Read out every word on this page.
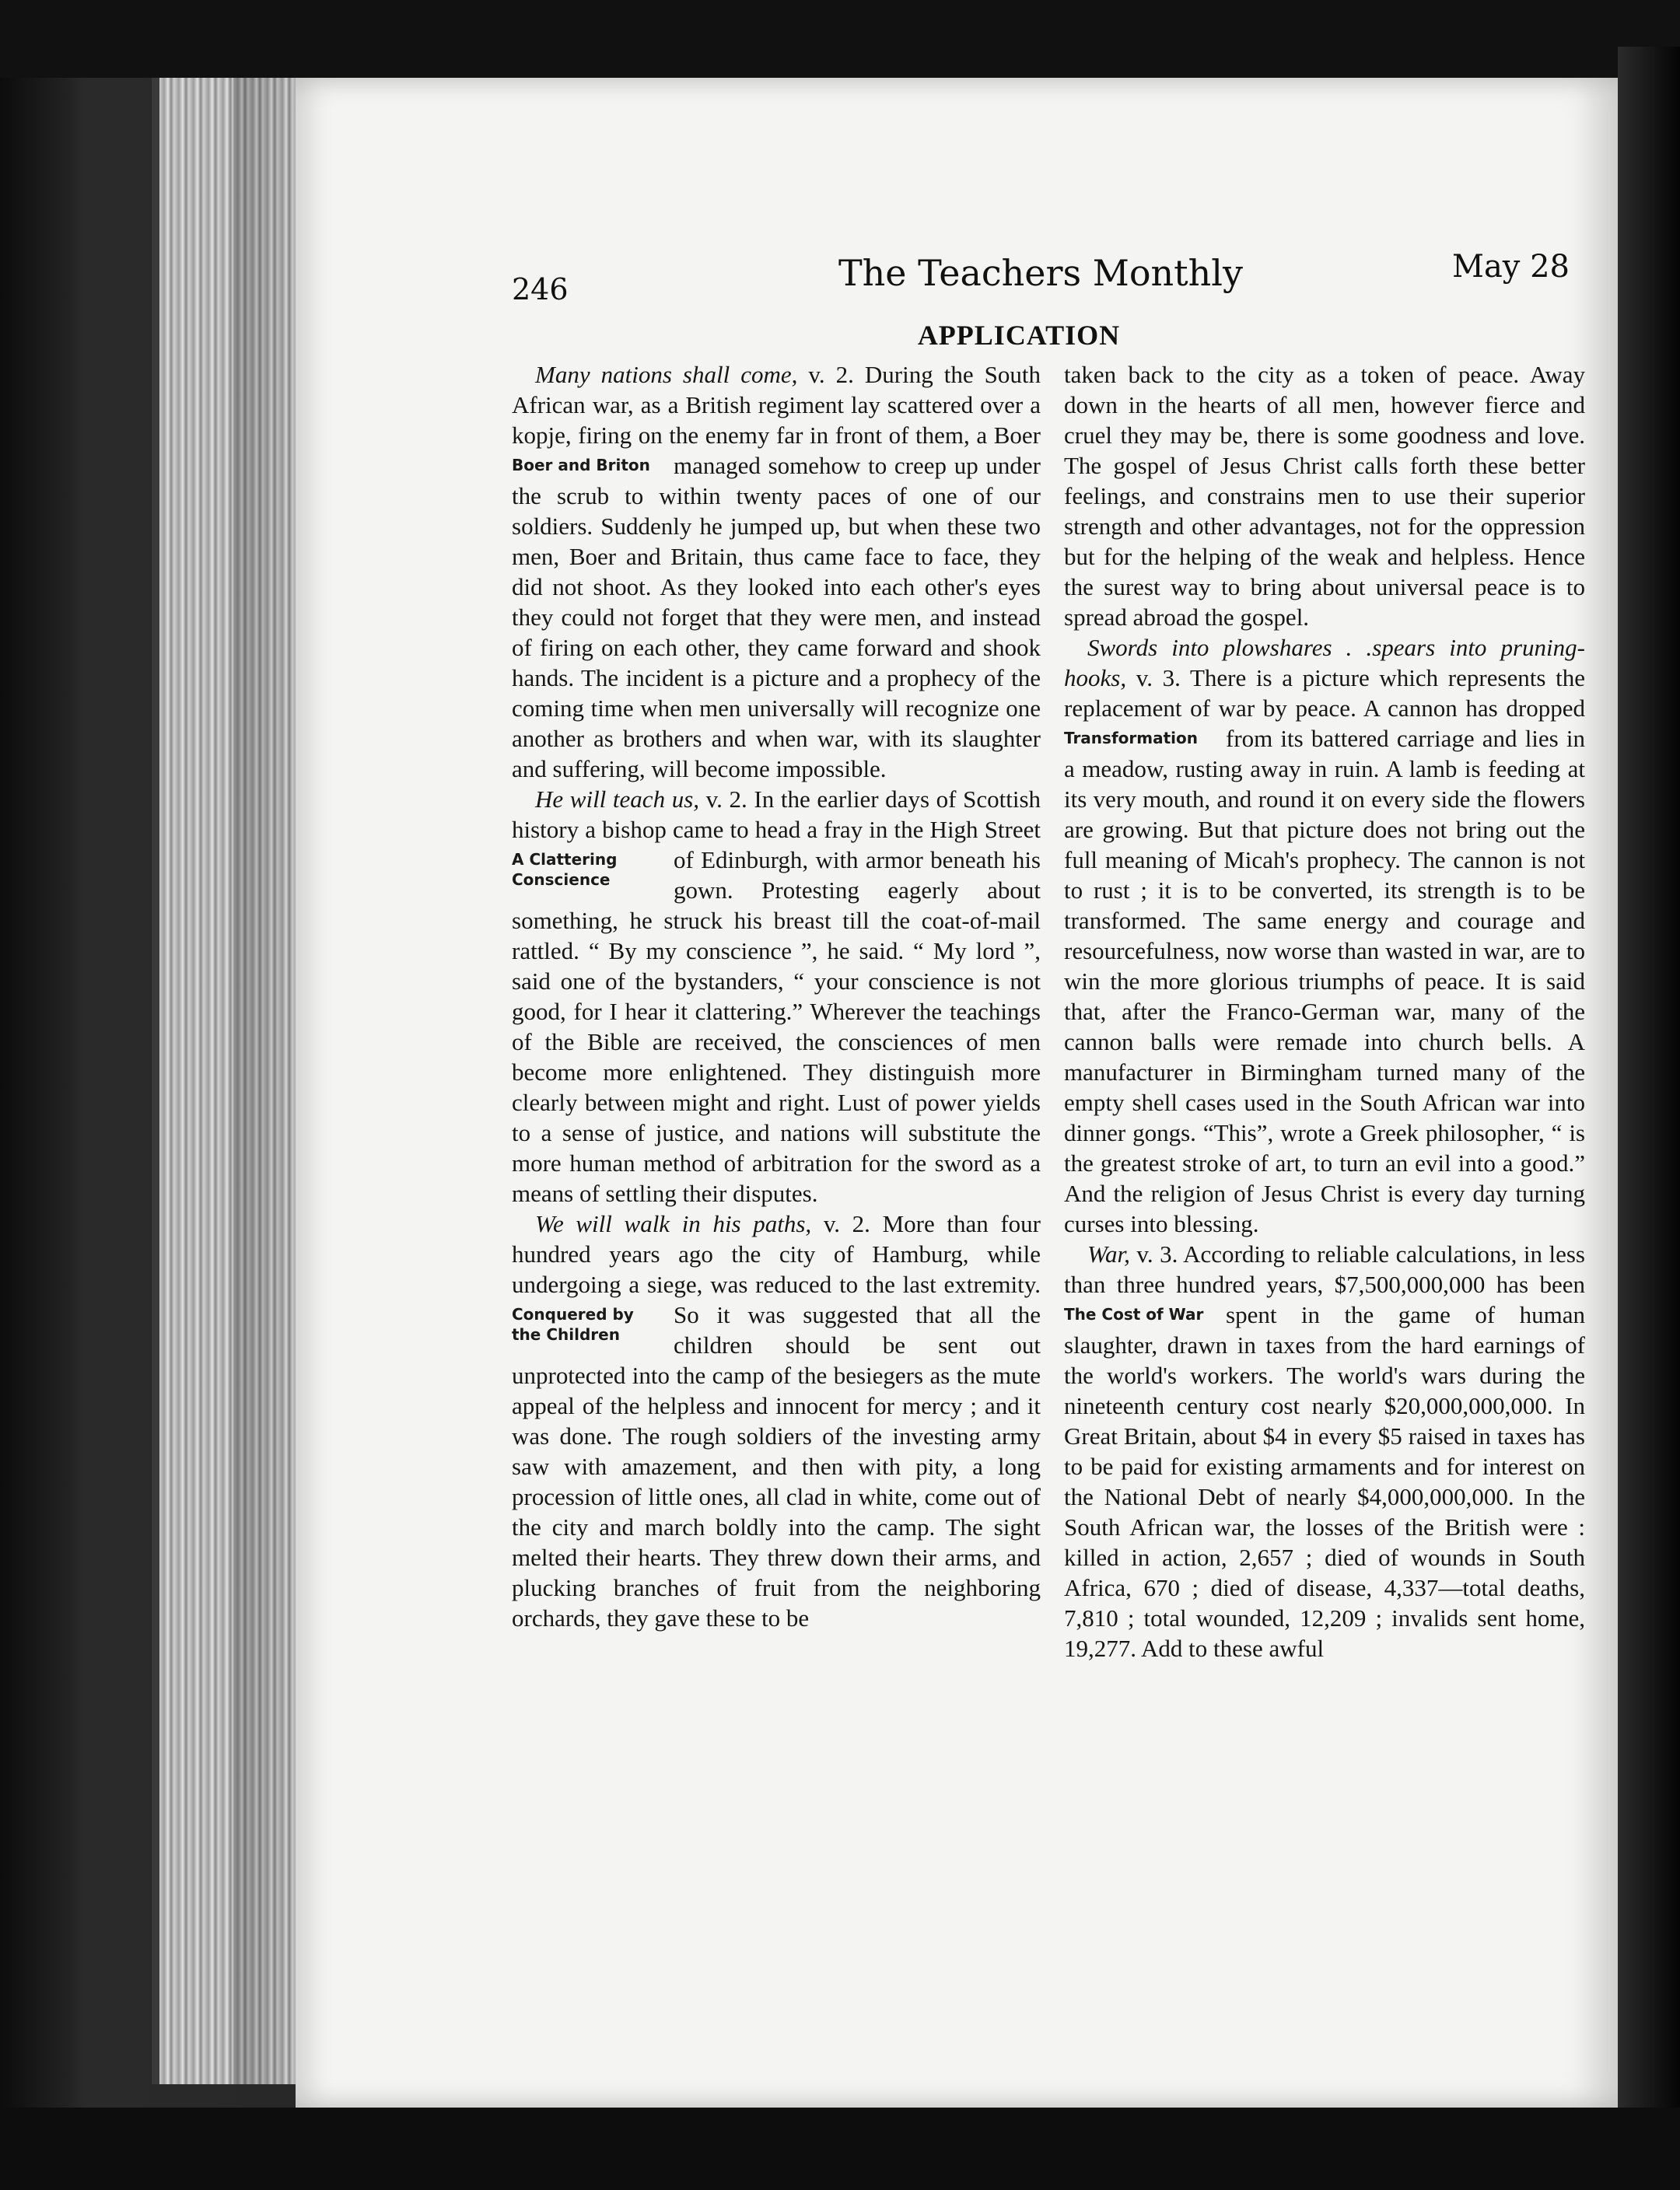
246	The Teachers Monthly	May 28
APPLICATION

Many nations shall come, v. 2. During the South African war, as a British regiment lay scattered over a kopje, firing on the enemy far in front of them, a Boer
Boer and Briton managed somehow to creep up under the scrub to within twenty paces of one of our soldiers. Suddenly he jumped up, but when these two men, Boer and Britain, thus came face to face, they did not shoot. As they looked into each other's eyes they could not forget that they were men, and instead of firing on each other, they came forward and shook hands. The incident is a picture and a prophecy of the coming time when men universally will recognize one another as brothers and when war, with its slaughter and suffering, will become impossible.

He will teach us, v. 2. In the earlier days of Scottish history a bishop came to head a fray in the High Street of Edinburgh, with
A Clattering Conscience
armor beneath his gown. Protesting eagerly about something, he struck his breast till the coat-of-mail rattled. “ By my conscience ”, he said. “ My lord ”, said one of the bystanders, “ your conscience is not good, for I hear it clattering.” Wherever the teachings of the Bible are received, the consciences of men become more enlightened. They distinguish more clearly between might and right. Lust of power yields to a sense of justice, and nations will substitute the more human method of arbitration for the sword as a means of settling their disputes.

We will walk in his paths, v. 2. More than four hundred years ago the city of Hamburg, while undergoing a siege, was reduced to the
Conquered by the Children
last extremity. So it was suggested that all the children should be sent out unprotected into the camp of the besiegers as the mute appeal of the helpless and innocent for mercy ; and it was done. The rough soldiers of the investing army saw with amazement, and then with pity, a long procession of little ones, all clad in white, come out of the city and march boldly into the camp. The sight melted their hearts. They threw down their arms, and plucking branches of fruit from the neighboring orchards, they gave these to be

taken back to the city as a token of peace. Away down in the hearts of all men, however fierce and cruel they may be, there is some goodness and love. The gospel of Jesus Christ calls forth these better feelings, and constrains men to use their superior strength and other advantages, not for the oppression but for the helping of the weak and helpless. Hence the surest way to bring about universal peace is to spread abroad the gospel.

Swords into plowshares . .spears into pruning-hooks, v. 3. There is a picture which represents the replacement of war by peace. A cannon has dropped from its battered
Transformation	carriage and lies in a meadow, rusting away in ruin. A lamb is feeding at its very mouth, and round it on every side the flowers are growing. But that picture does not bring out the full meaning of Micah's prophecy. The cannon is not to rust ; it is to be converted, its strength is to be transformed. The same energy and courage and resourcefulness, now worse than wasted in war, are to win the more glorious triumphs of peace. It is said that, after the Franco-German war, many of the cannon balls were remade into church bells. A manufacturer in Birmingham turned many of the empty shell cases used in the South African war into dinner gongs. “This”, wrote a Greek philosopher, “ is the greatest stroke of art, to turn an evil into a good.” And the religion of Jesus Christ is every day turning curses into blessing.

War, v. 3. According to reliable calculations, in less than three hundred years, $7,500,000,000 has been spent in the game of
The Cost of War	human slaughter, drawn in taxes from the hard earnings of the world's workers. The world's wars during the nineteenth century cost nearly $20,000,000,000. In Great Britain, about $4 in every $5 raised in taxes has to be paid for existing armaments and for interest on the National Debt of nearly $4,000,000,000. In the South African war, the losses of the British were : killed in action, 2,657 ; died of wounds in South Africa, 670 ; died of disease, 4,337—total deaths, 7,810 ; total wounded, 12,209 ; invalids sent home, 19,277. Add to these awful
